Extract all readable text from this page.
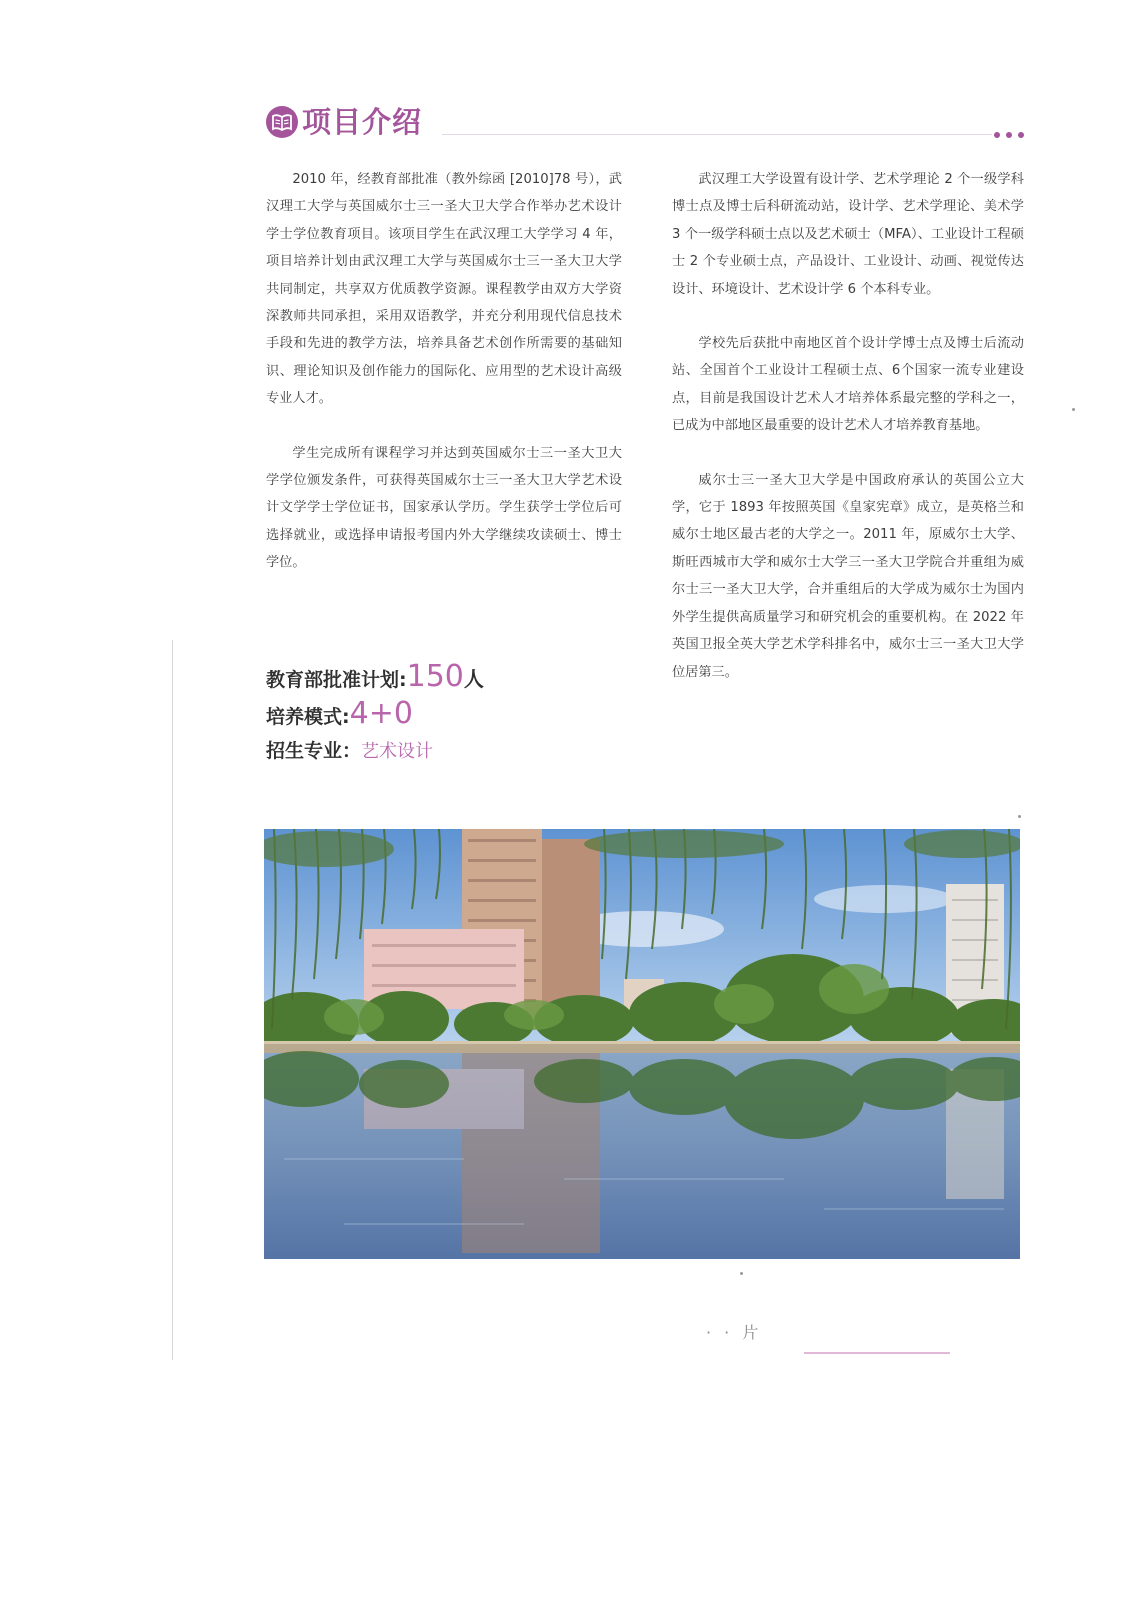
项目介绍

2010 年，经教育部批准（教外综函 [2010]78 号），武汉理工大学与英国威尔士三一圣大卫大学合作举办艺术设计学士学位教育项目。该项目学生在武汉理工大学学习 4 年，项目培养计划由武汉理工大学与英国威尔士三一圣大卫大学共同制定，共享双方优质教学资源。课程教学由双方大学资深教师共同承担，采用双语教学，并充分利用现代信息技术手段和先进的教学方法，培养具备艺术创作所需要的基础知识、理论知识及创作能力的国际化、应用型的艺术设计高级专业人才。

学生完成所有课程学习并达到英国威尔士三一圣大卫大学学位颁发条件，可获得英国威尔士三一圣大卫大学艺术设计文学学士学位证书，国家承认学历。学生获学士学位后可选择就业，或选择申请报考国内外大学继续攻读硕士、博士学位。

武汉理工大学设置有设计学、艺术学理论 2 个一级学科博士点及博士后科研流动站，设计学、艺术学理论、美术学 3 个一级学科硕士点以及艺术硕士（MFA）、工业设计工程硕士 2 个专业硕士点，产品设计、工业设计、动画、视觉传达设计、环境设计、艺术设计学 6 个本科专业。

学校先后获批中南地区首个设计学博士点及博士后流动站、全国首个工业设计工程硕士点、6个国家一流专业建设点，目前是我国设计艺术人才培养体系最完整的学科之一，已成为中部地区最重要的设计艺术人才培养教育基地。

威尔士三一圣大卫大学是中国政府承认的英国公立大学，它于 1893 年按照英国《皇家宪章》成立，是英格兰和威尔士地区最古老的大学之一。2011 年，原威尔士大学、斯旺西城市大学和威尔士大学三一圣大卫学院合并重组为威尔士三一圣大卫大学，合并重组后的大学成为威尔士为国内外学生提供高质量学习和研究机会的重要机构。在 2022 年英国卫报全英大学艺术学科排名中，威尔士三一圣大卫大学位居第三。

教育部批准计划:150人
培养模式:4+0
招生专业：艺术设计
· · 片
